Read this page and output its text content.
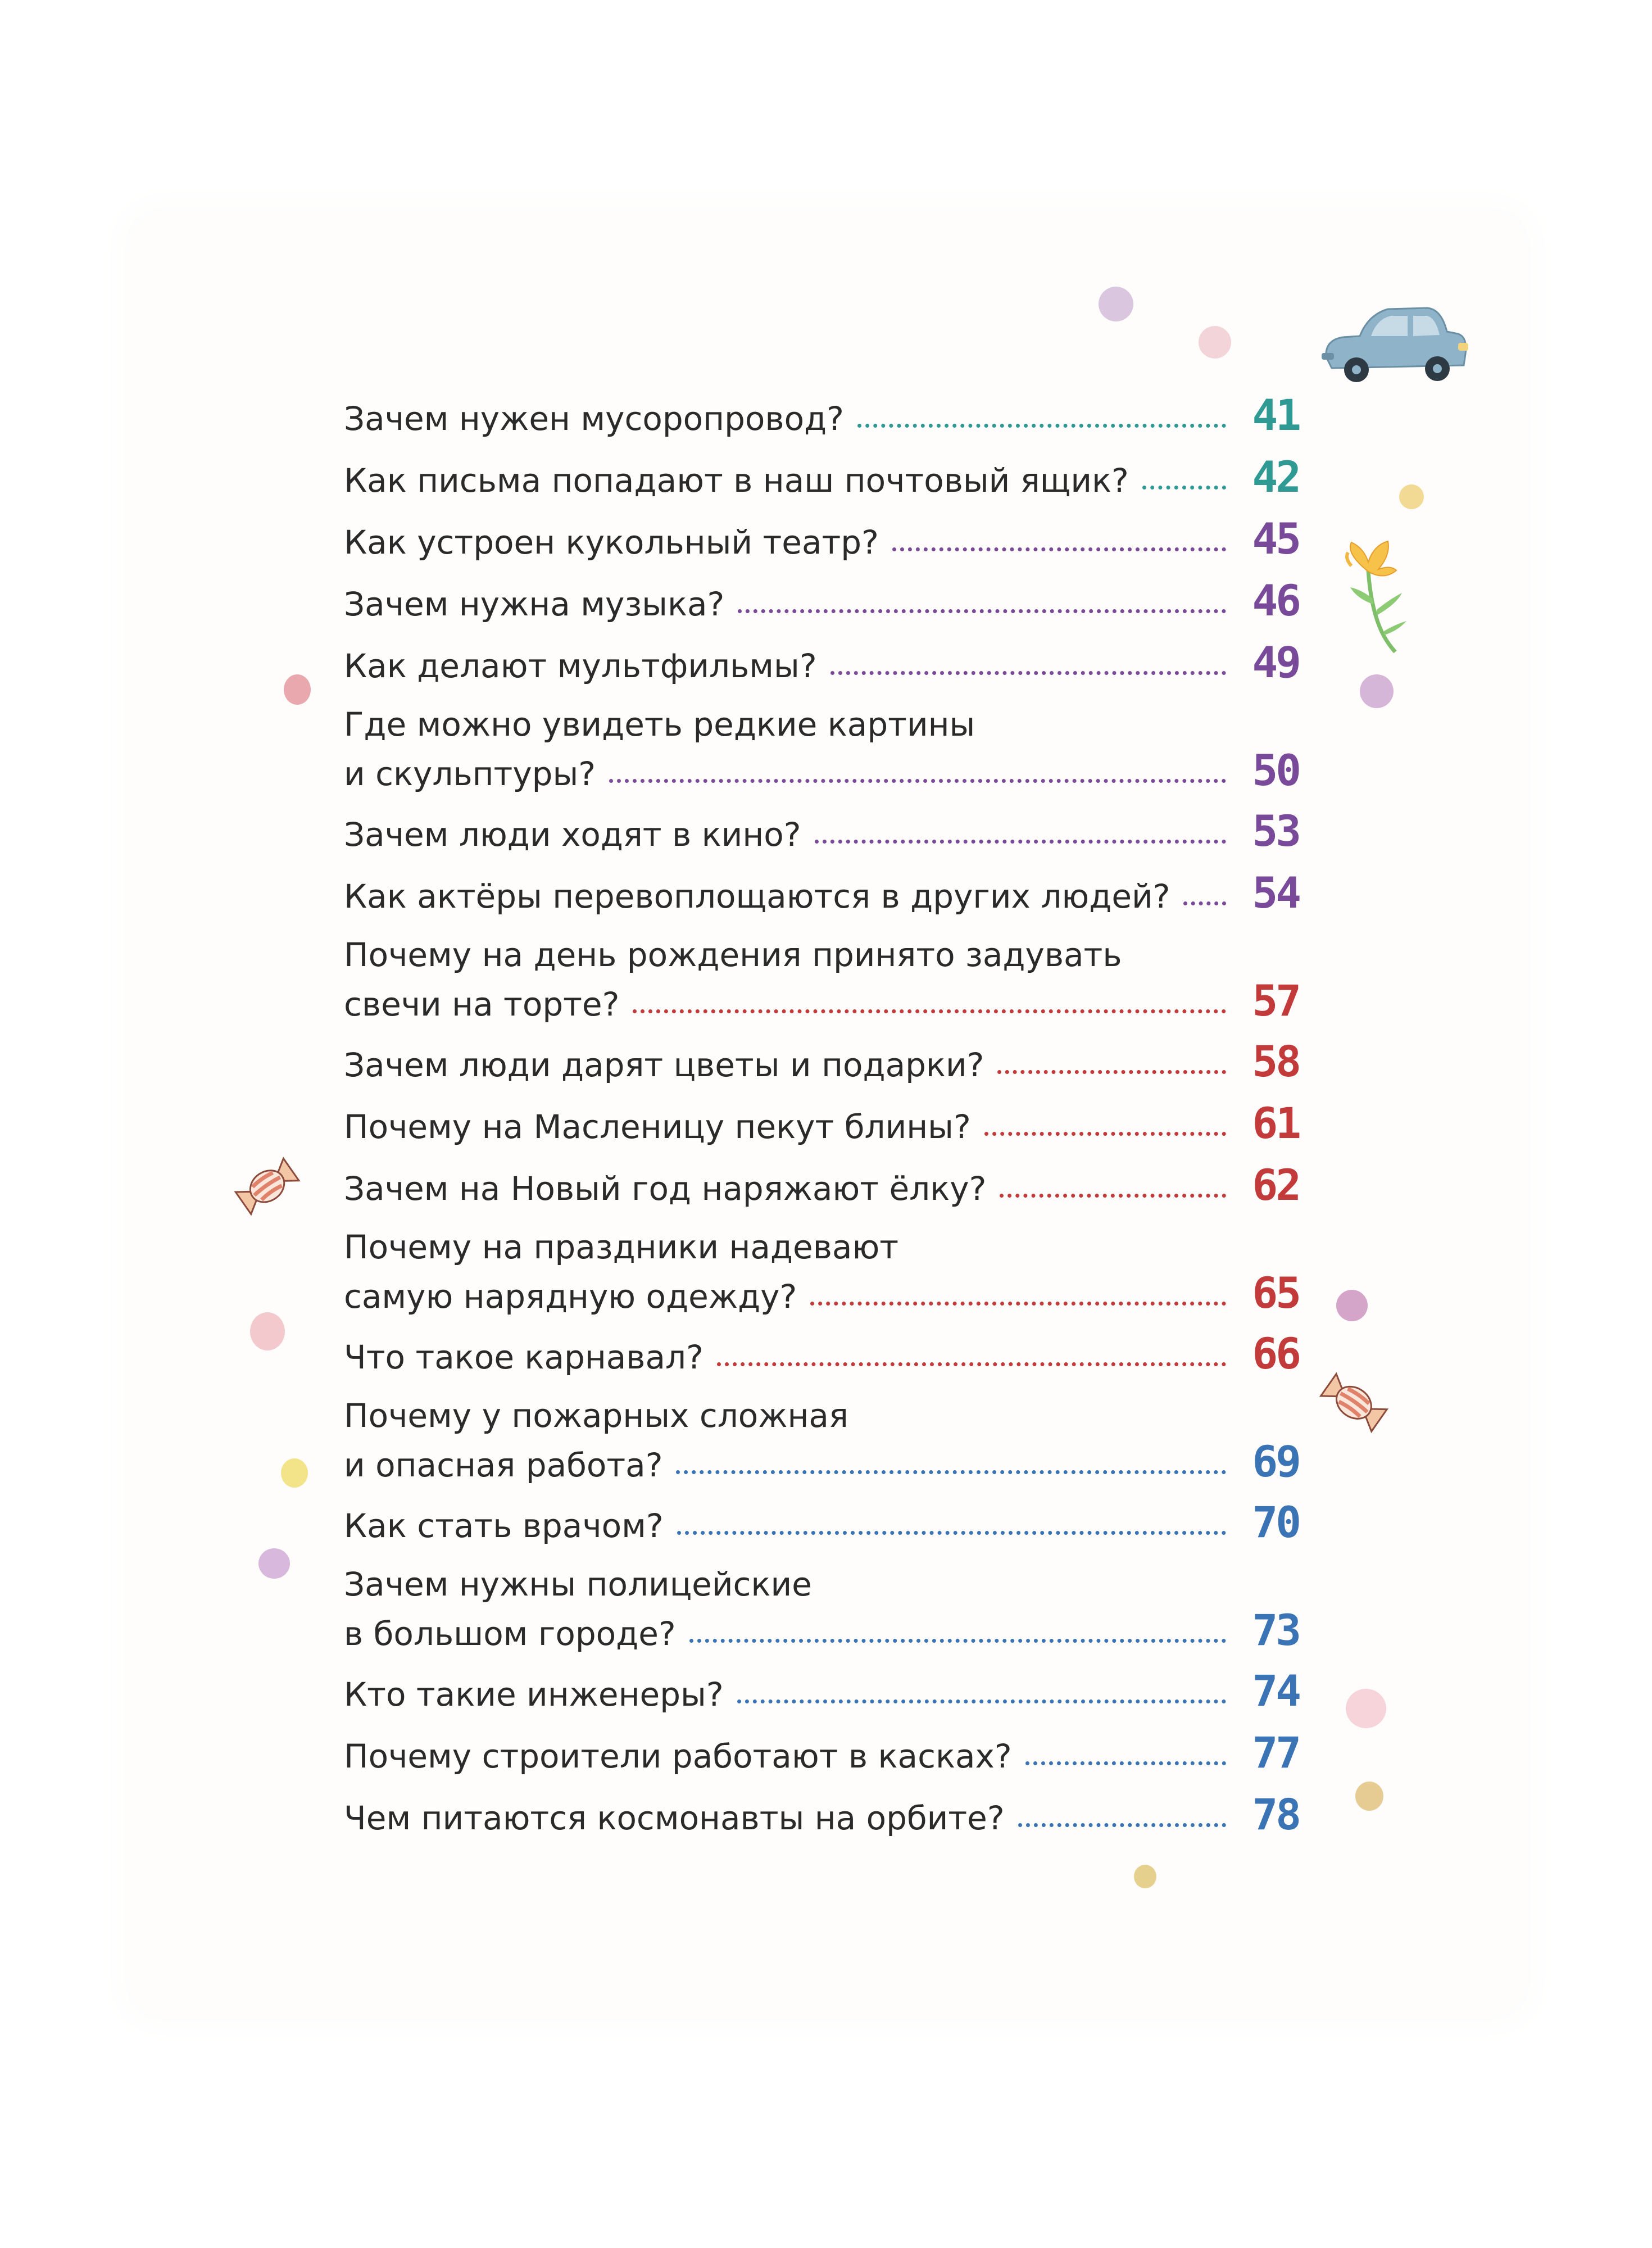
Зачем нужен мусоропровод?	41
Как письма попадают в наш почтовый ящик?	42
Как устроен кукольный театр?	45
Зачем нужна музыка?	46
Как делают мультфильмы?	49
Где можно увидеть редкие картины
и скульптуры?	50
Зачем люди ходят в кино?	53
Как актёры перевоплощаются в других людей?	54
Почему на день рождения принято задувать
свечи на торте?	57
Зачем люди дарят цветы и подарки?	58
Почему на Масленицу пекут блины?	61
Зачем на Новый год наряжают ёлку?	62
Почему на праздники надевают
самую нарядную одежду?	65
Что такое карнавал?	66
Почему у пожарных сложная
и опасная работа?	69
Как стать врачом?	70
Зачем нужны полицейские
в большом городе?	73
Кто такие инженеры?	74
Почему строители работают в касках?	77
Чем питаются космонавты на орбите?	78
